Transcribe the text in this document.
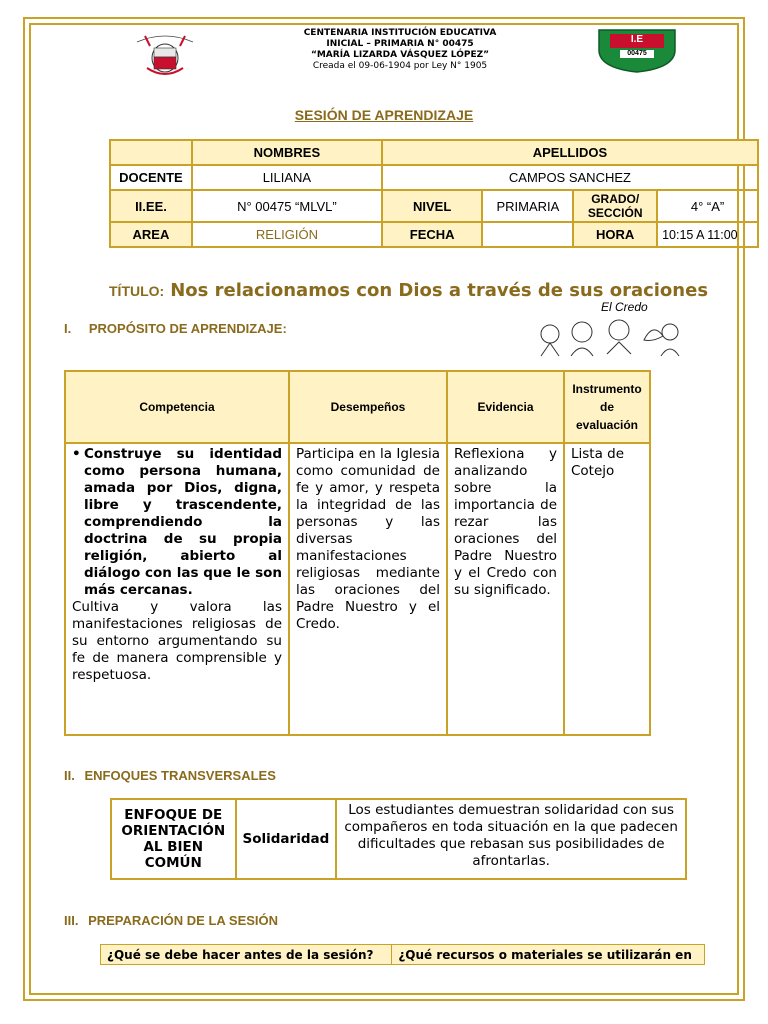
CENTENARIA INSTITUCIÓN EDUCATIVA
INICIAL – PRIMARIA N° 00475
“MARÍA LIZARDA VÁSQUEZ LÓPEZ”
Creada el 09-06-1904 por Ley N° 1905
I.E
00475
SESIÓN DE APRENDIZAJE
	NOMBRES	APELLIDOS			
DOCENTE	LILIANA	CAMPOS SANCHEZ			
II.EE.	N° 00475 “MLVL”	NIVEL	PRIMARIA	GRADO/ SECCIÓN	4° “A”
AREA	RELIGIÓN	FECHA		HORA	10:15 A 11:00
TÍTULO: Nos relacionamos con Dios a través de sus oraciones
I. PROPÓSITO DE APRENDIZAJE:
El Credo
Competencia	Desempeños	Evidencia	Instrumento de evaluación

• Construye su identidad como persona humana, amada por Dios, digna, libre y trascendente, comprendiendo la doctrina de su propia religión, abierto al diálogo con las que le son más cercanas.
Cultiva y valora las manifestaciones religiosas de su entorno argumentando su fe de manera comprensible y respetuosa.	Participa en la Iglesia como comunidad de fe y amor, y respeta la integridad de las personas y las diversas manifestaciones religiosas mediante las oraciones del Padre Nuestro y el Credo.	Reflexiona y analizando sobre la importancia de rezar las oraciones del Padre Nuestro y el Credo con su significado.	Lista de Cotejo
II. ENFOQUES TRANSVERSALES
ENFOQUE DE ORIENTACIÓN AL BIEN COMÚN	Solidaridad	Los estudiantes demuestran solidaridad con sus compañeros en toda situación en la que padecen dificultades que rebasan sus posibilidades de afrontarlas.
III. PREPARACIÓN DE LA SESIÓN
¿Qué se debe hacer antes de la sesión?	¿Qué recursos o materiales se utilizarán en
